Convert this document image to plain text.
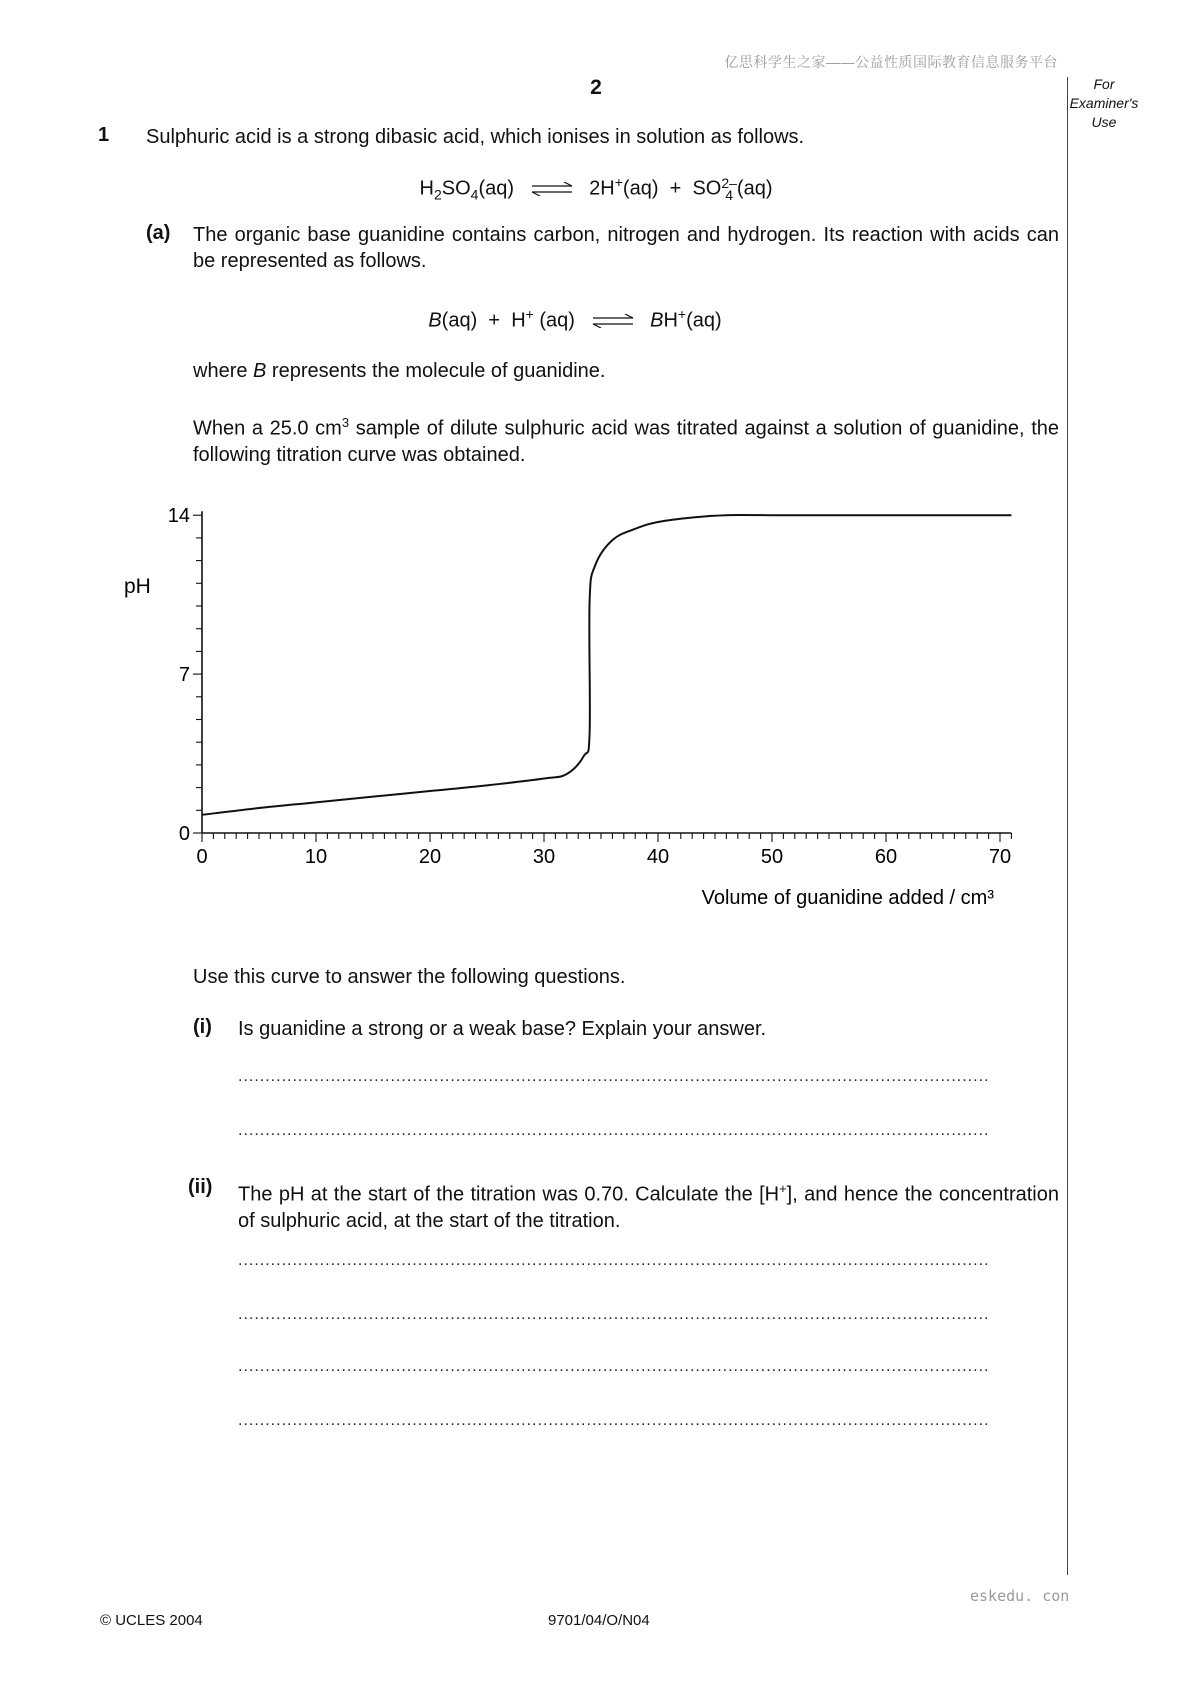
亿思科学生之家——公益性质国际教育信息服务平台
2	For
Examiner's
Use
1 Sulphuric acid is a strong dibasic acid, which ionises in solution as follows.
$H_2SO_4(aq)$ ⇌ 2H+(aq) + SO 2–
4 (aq)
(a) The organic base guanidine contains carbon, nitrogen and hydrogen. Its reaction with acids can be represented as follows.
B(aq) + H+ (aq) ⇌ BH+(aq)
where B represents the molecule of guanidine.
When a 25.0 $cm^3$ sample of dilute sulphuric acid was titrated against a solution of guanidine, the following titration curve was obtained.
0	10	20	30	40	50	60	70
0
7
14
pH
Volume of guanidine added / cm³
Use this curve to answer the following questions.
(i) Is guanidine a strong or a weak base? Explain your answer.
..........................................................................................................................................
..........................................................................................................................................
(ii) The pH at the start of the titration was 0.70. Calculate the [H+], and hence the concentration of sulphuric acid, at the start of the titration.
..........................................................................................................................................
..........................................................................................................................................
..........................................................................................................................................
..........................................................................................................................................
eskedu. con
© UCLES 2004	9701/04/O/N04
